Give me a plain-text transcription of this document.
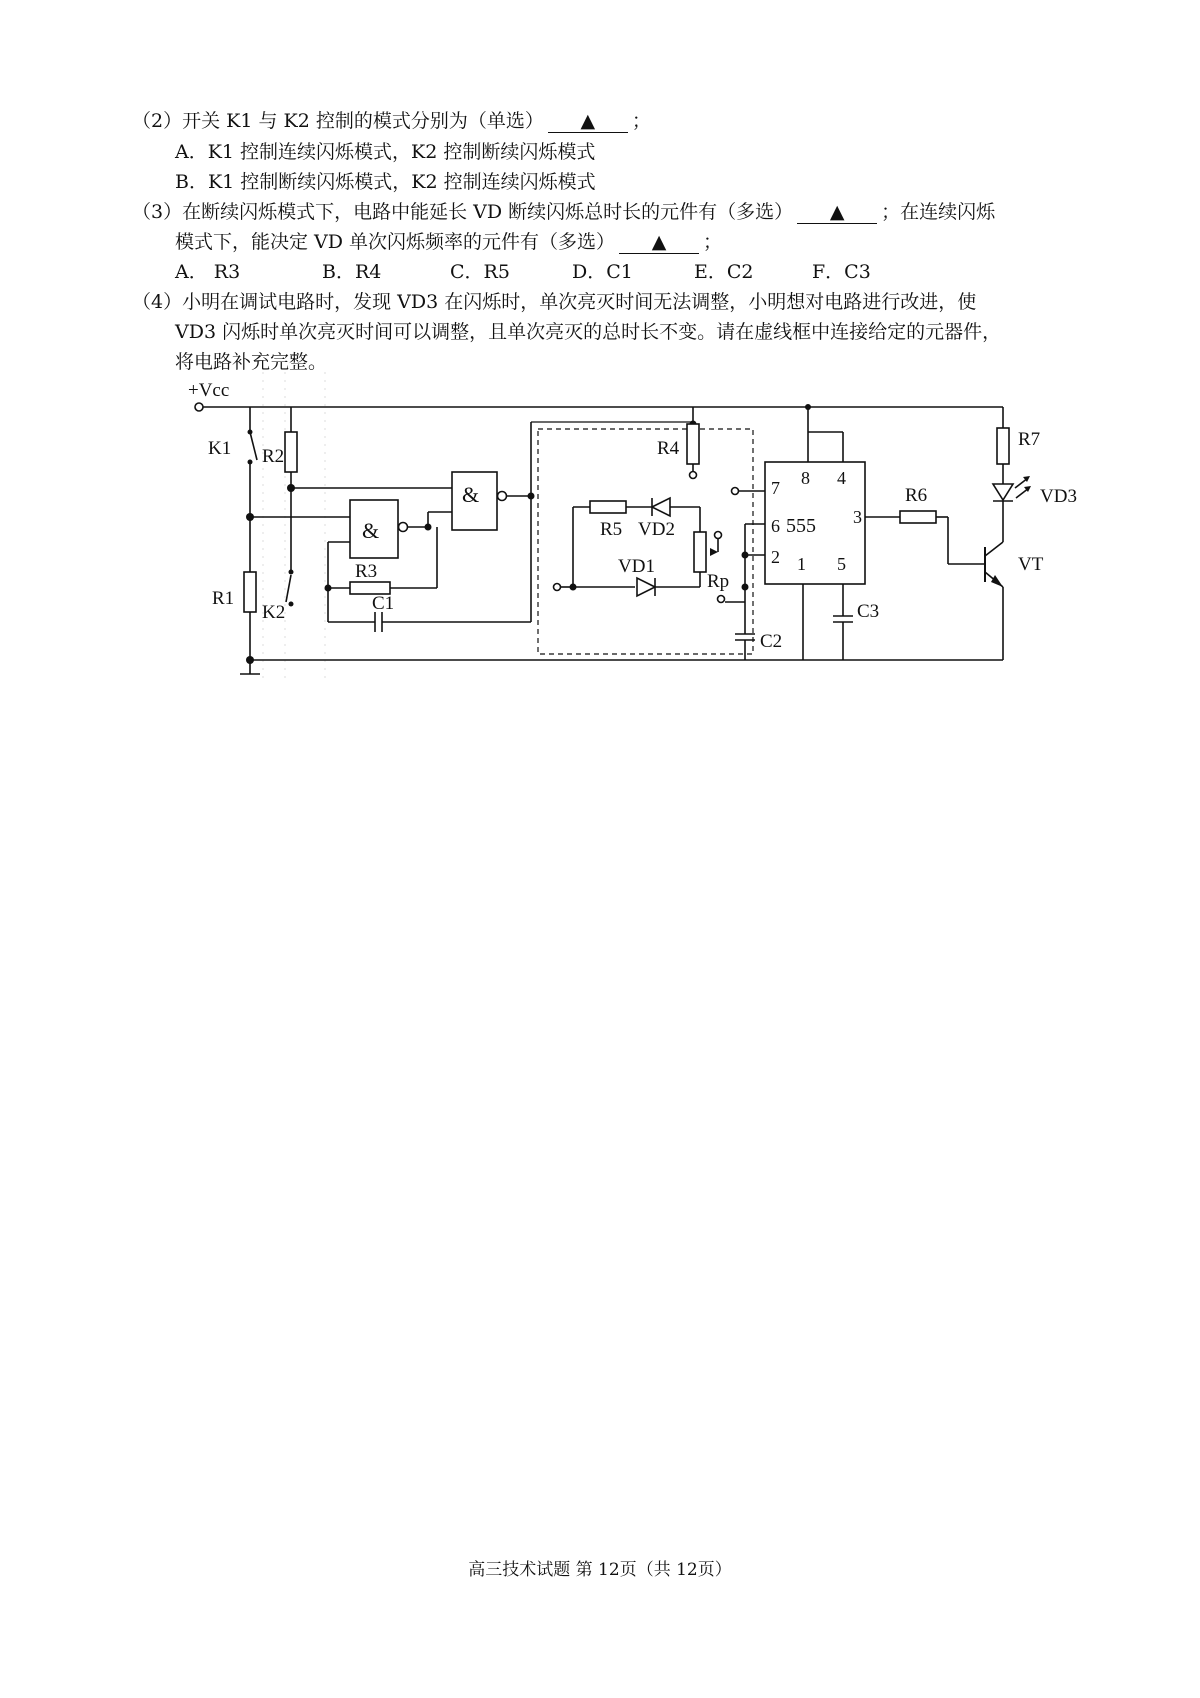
（2）开关 K1 与 K2 控制的模式分别为（单选） ▲ ；
A．K1 控制连续闪烁模式，K2 控制断续闪烁模式
B．K1 控制断续闪烁模式，K2 控制连续闪烁模式
（3）在断续闪烁模式下，电路中能延长 VD 断续闪烁总时长的元件有（多选） ▲ ；在连续闪烁
模式下，能决定 VD 单次闪烁频率的元件有（多选） ▲ ；
A． R3	B．R4	C．R5	D．C1	E．C2	F．C3
（4）小明在调试电路时，发现 VD3 在闪烁时，单次亮灭时间无法调整，小明想对电路进行改进，使
VD3 闪烁时单次亮灭时间可以调整，且单次亮灭的总时长不变。请在虚线框中连接给定的元器件，
将电路补充完整。
+Vcc
K1
R1
R2
K2
&
R3
C1
&
R4
R5 VD2
Rp
VD1
555
7 8 4
6
2
3
1 5
C2
C3
R6
VT
R7
VD3
高三技术试题 第 12页（共 12页）
